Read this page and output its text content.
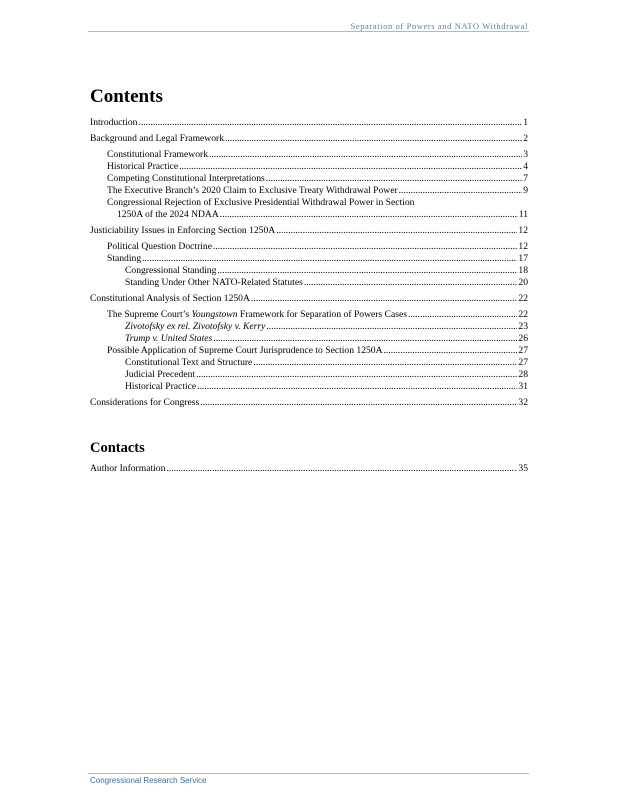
Separation of Powers and NATO Withdrawal
Contents
Introduction . . .	1
Background and Legal Framework . . .	2
Constitutional Framework . . .	3
Historical Practice . . .	4
Competing Constitutional Interpretations . . .	7
The Executive Branch’s 2020 Claim to Exclusive Treaty Withdrawal Power . . .	9
Congressional Rejection of Exclusive Presidential Withdrawal Power in Section
1250A of the 2024 NDAA . . .	11
Justiciability Issues in Enforcing Section 1250A . . .	12
Political Question Doctrine . . .	12
Standing . . .	17
Congressional Standing . . .	18
Standing Under Other NATO-Related Statutes . . .	20
Constitutional Analysis of Section 1250A . . .	22
The Supreme Court’s Youngstown Framework for Separation of Powers Cases . . .	22
Zivotofsky ex rel. Zivotofsky v. Kerry . . .	23
Trump v. United States . . .	26
Possible Application of Supreme Court Jurisprudence to Section 1250A . . .	27
Constitutional Text and Structure . . .	27
Judicial Precedent . . .	28
Historical Practice . . .	31
Considerations for Congress . . .	32
Contacts
Author Information . . .	35
Congressional Research Service
